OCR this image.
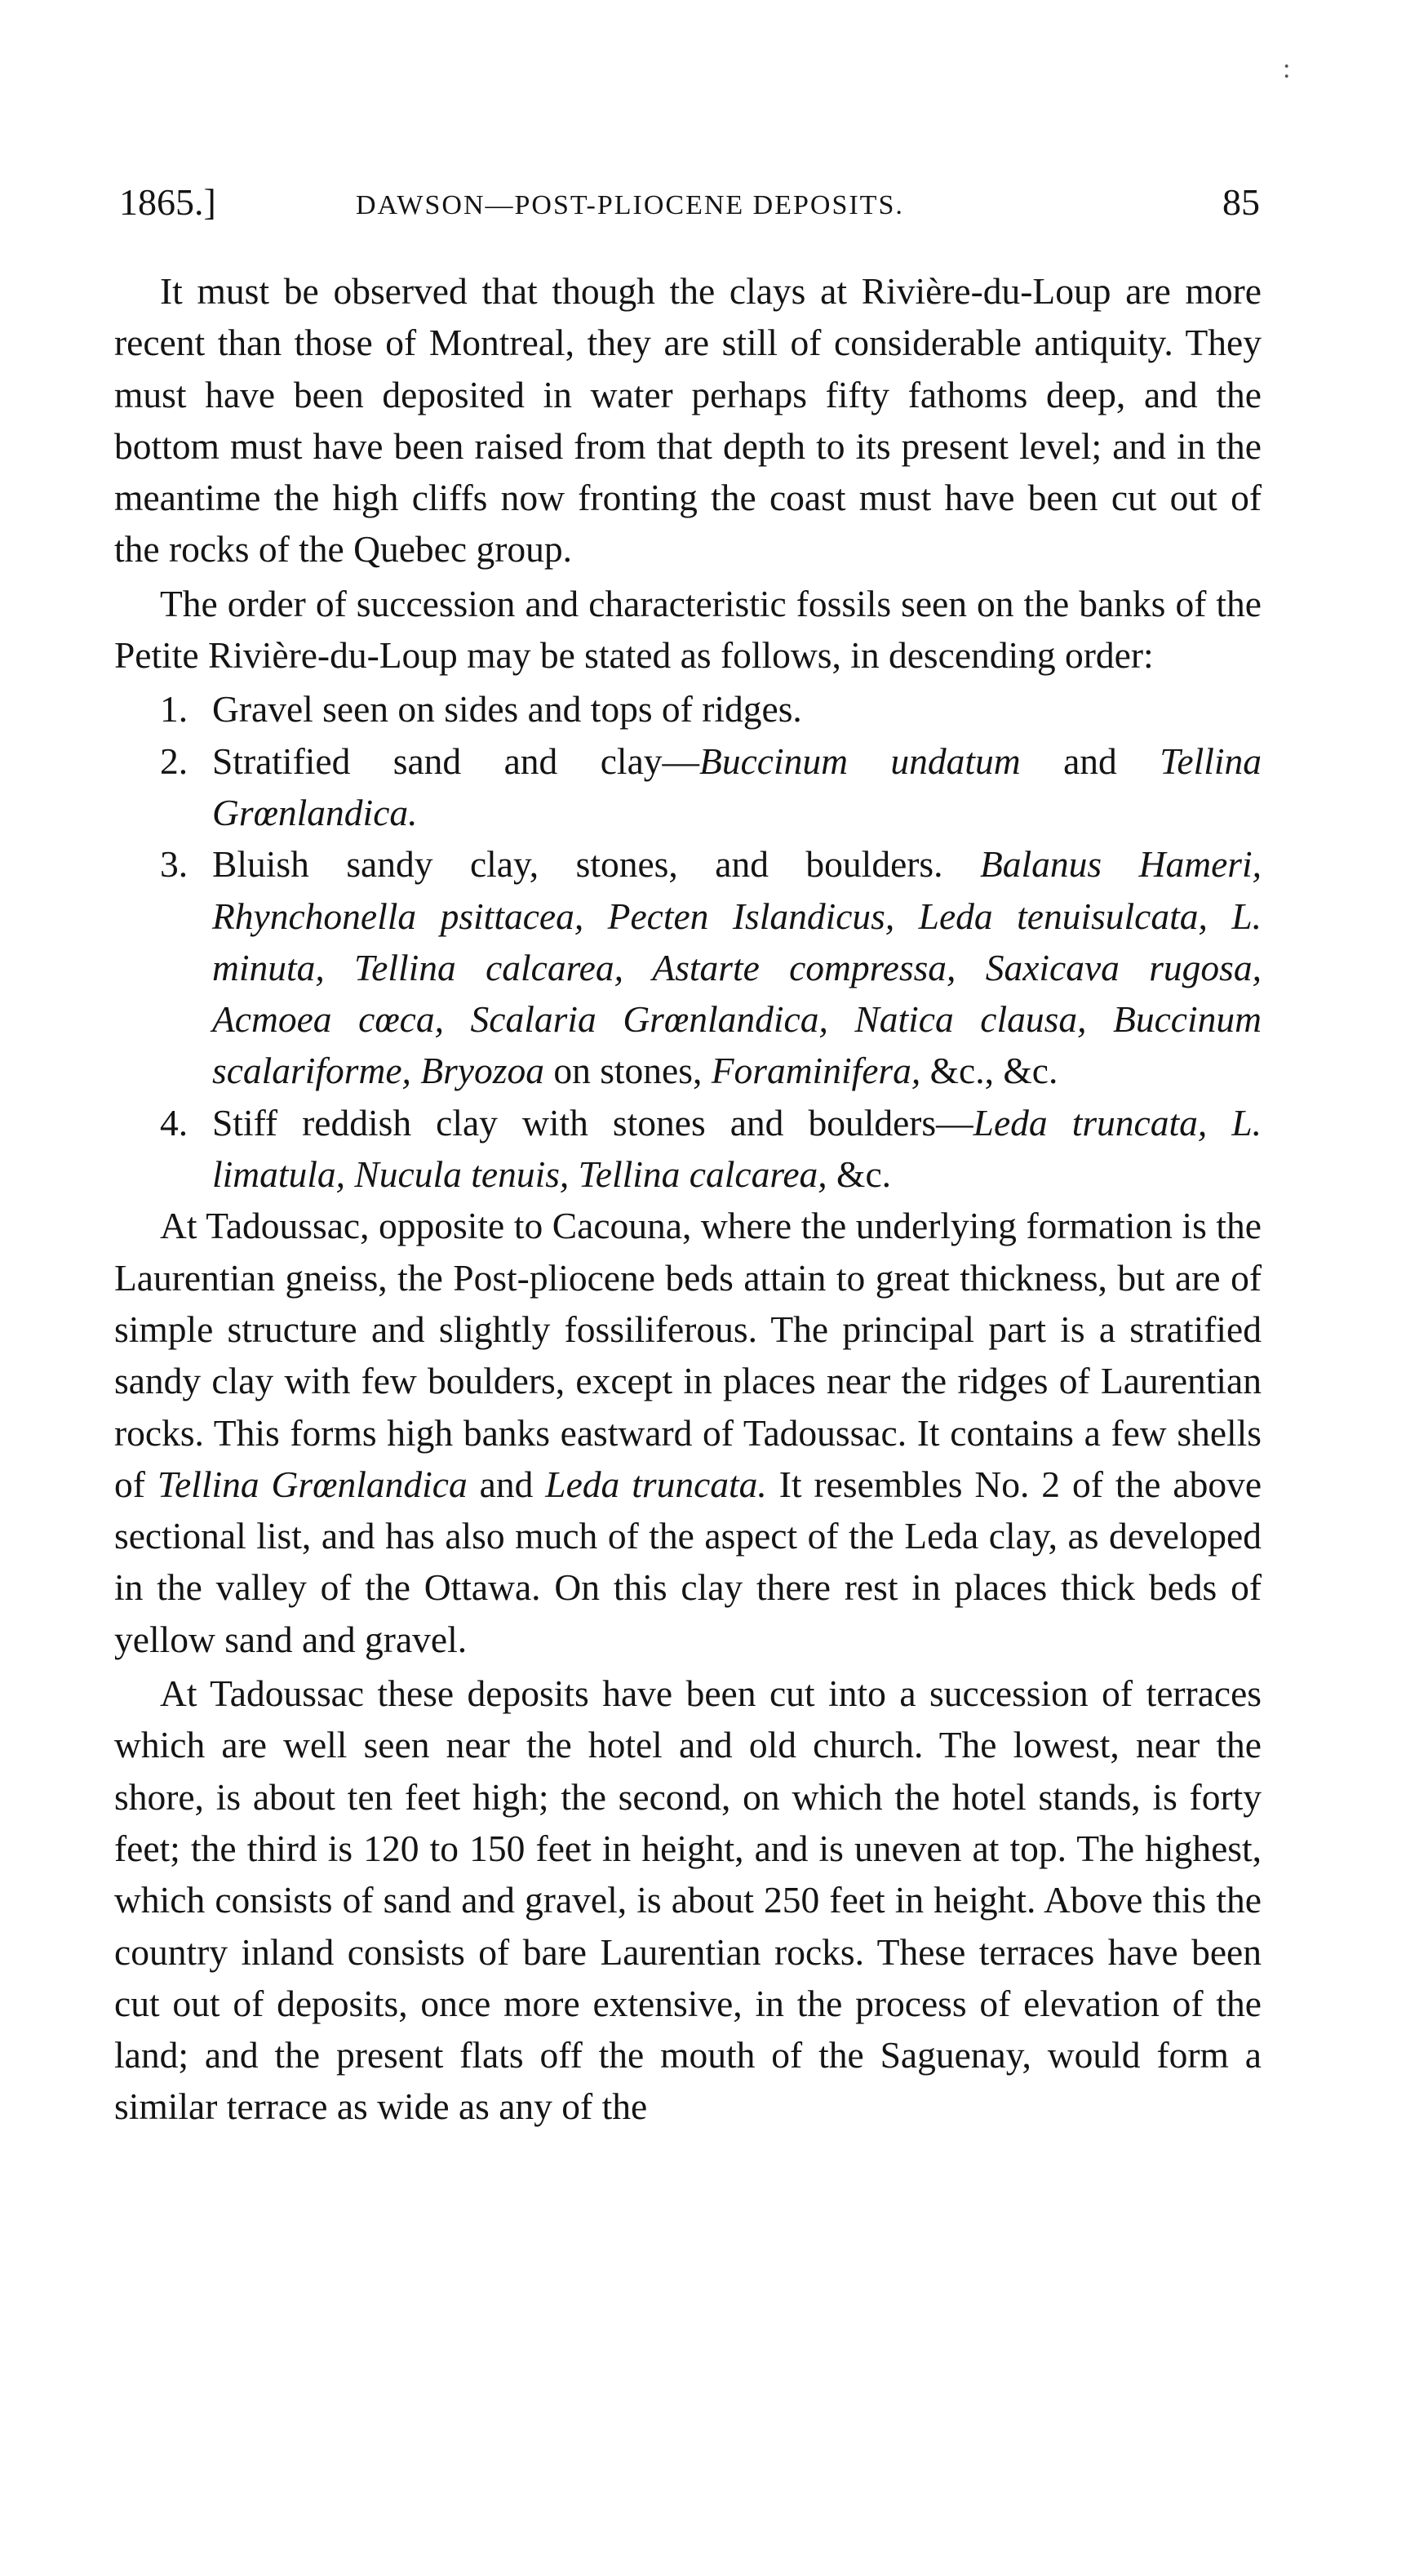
:
1865.]	DAWSON—POST-PLIOCENE DEPOSITS.	85

It must be observed that though the clays at Rivière-du-Loup are more recent than those of Montreal, they are still of considerable antiquity. They must have been deposited in water perhaps fifty fathoms deep, and the bottom must have been raised from that depth to its present level; and in the meantime the high cliffs now fronting the coast must have been cut out of the rocks of the Quebec group.

The order of succession and characteristic fossils seen on the banks of the Petite Rivière-du-Loup may be stated as follows, in descending order:

1. Gravel seen on sides and tops of ridges.
2. Stratified sand and clay—Buccinum undatum and Tellina Grœnlandica.
3. Bluish sandy clay, stones, and boulders. Balanus Hameri, Rhynchonella psittacea, Pecten Islandicus, Leda tenuisulcata, L. minuta, Tellina calcarea, Astarte compressa, Saxicava rugosa, Acmoea cœca, Scalaria Grœnlandica, Natica clausa, Buccinum scalariforme, Bryozoa on stones, Foraminifera, &c., &c.
4. Stiff reddish clay with stones and boulders—Leda truncata, L. limatula, Nucula tenuis, Tellina calcarea, &c.

At Tadoussac, opposite to Cacouna, where the underlying formation is the Laurentian gneiss, the Post-pliocene beds attain to great thickness, but are of simple structure and slightly fossiliferous. The principal part is a stratified sandy clay with few boulders, except in places near the ridges of Laurentian rocks. This forms high banks eastward of Tadoussac. It contains a few shells of Tellina Grœnlandica and Leda truncata. It resembles No. 2 of the above sectional list, and has also much of the aspect of the Leda clay, as developed in the valley of the Ottawa. On this clay there rest in places thick beds of yellow sand and gravel.

At Tadoussac these deposits have been cut into a succession of terraces which are well seen near the hotel and old church. The lowest, near the shore, is about ten feet high; the second, on which the hotel stands, is forty feet; the third is 120 to 150 feet in height, and is uneven at top. The highest, which consists of sand and gravel, is about 250 feet in height. Above this the country inland consists of bare Laurentian rocks. These terraces have been cut out of deposits, once more extensive, in the process of elevation of the land; and the present flats off the mouth of the Saguenay, would form a similar terrace as wide as any of the
